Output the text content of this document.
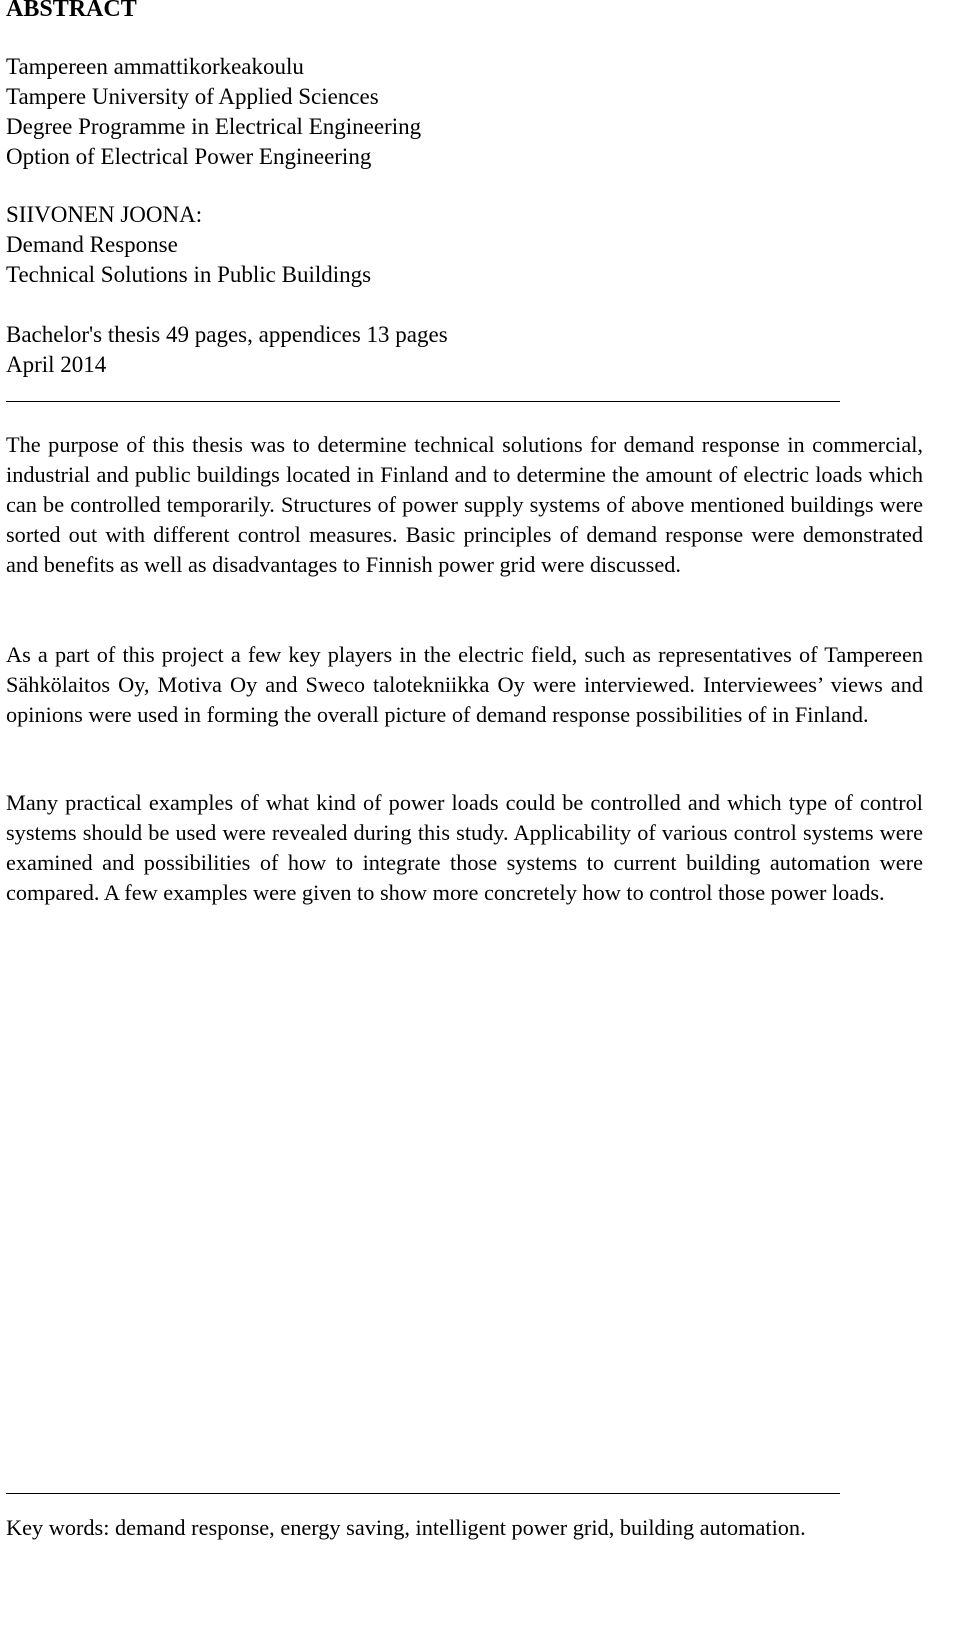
ABSTRACT
Tampereen ammattikorkeakoulu
Tampere University of Applied Sciences
Degree Programme in Electrical Engineering
Option of Electrical Power Engineering
SIIVONEN JOONA:
Demand Response
Technical Solutions in Public Buildings
Bachelor's thesis 49 pages, appendices 13 pages
April 2014

The purpose of this thesis was to determine technical solutions for demand response in commercial, industrial and public buildings located in Finland and to determine the amount of electric loads which can be controlled temporarily. Structures of power supply systems of above mentioned buildings were sorted out with different control measures. Basic principles of demand response were demonstrated and benefits as well as disadvantages to Finnish power grid were discussed.

As a part of this project a few key players in the electric field, such as representatives of Tampereen Sähkölaitos Oy, Motiva Oy and Sweco talotekniikka Oy were interviewed. Interviewees’ views and opinions were used in forming the overall picture of demand response possibilities of in Finland.

Many practical examples of what kind of power loads could be controlled and which type of control systems should be used were revealed during this study. Applicability of various control systems were examined and possibilities of how to integrate those systems to current building automation were compared. A few examples were given to show more concretely how to control those power loads.

Key words: demand response, energy saving, intelligent power grid, building automation.
